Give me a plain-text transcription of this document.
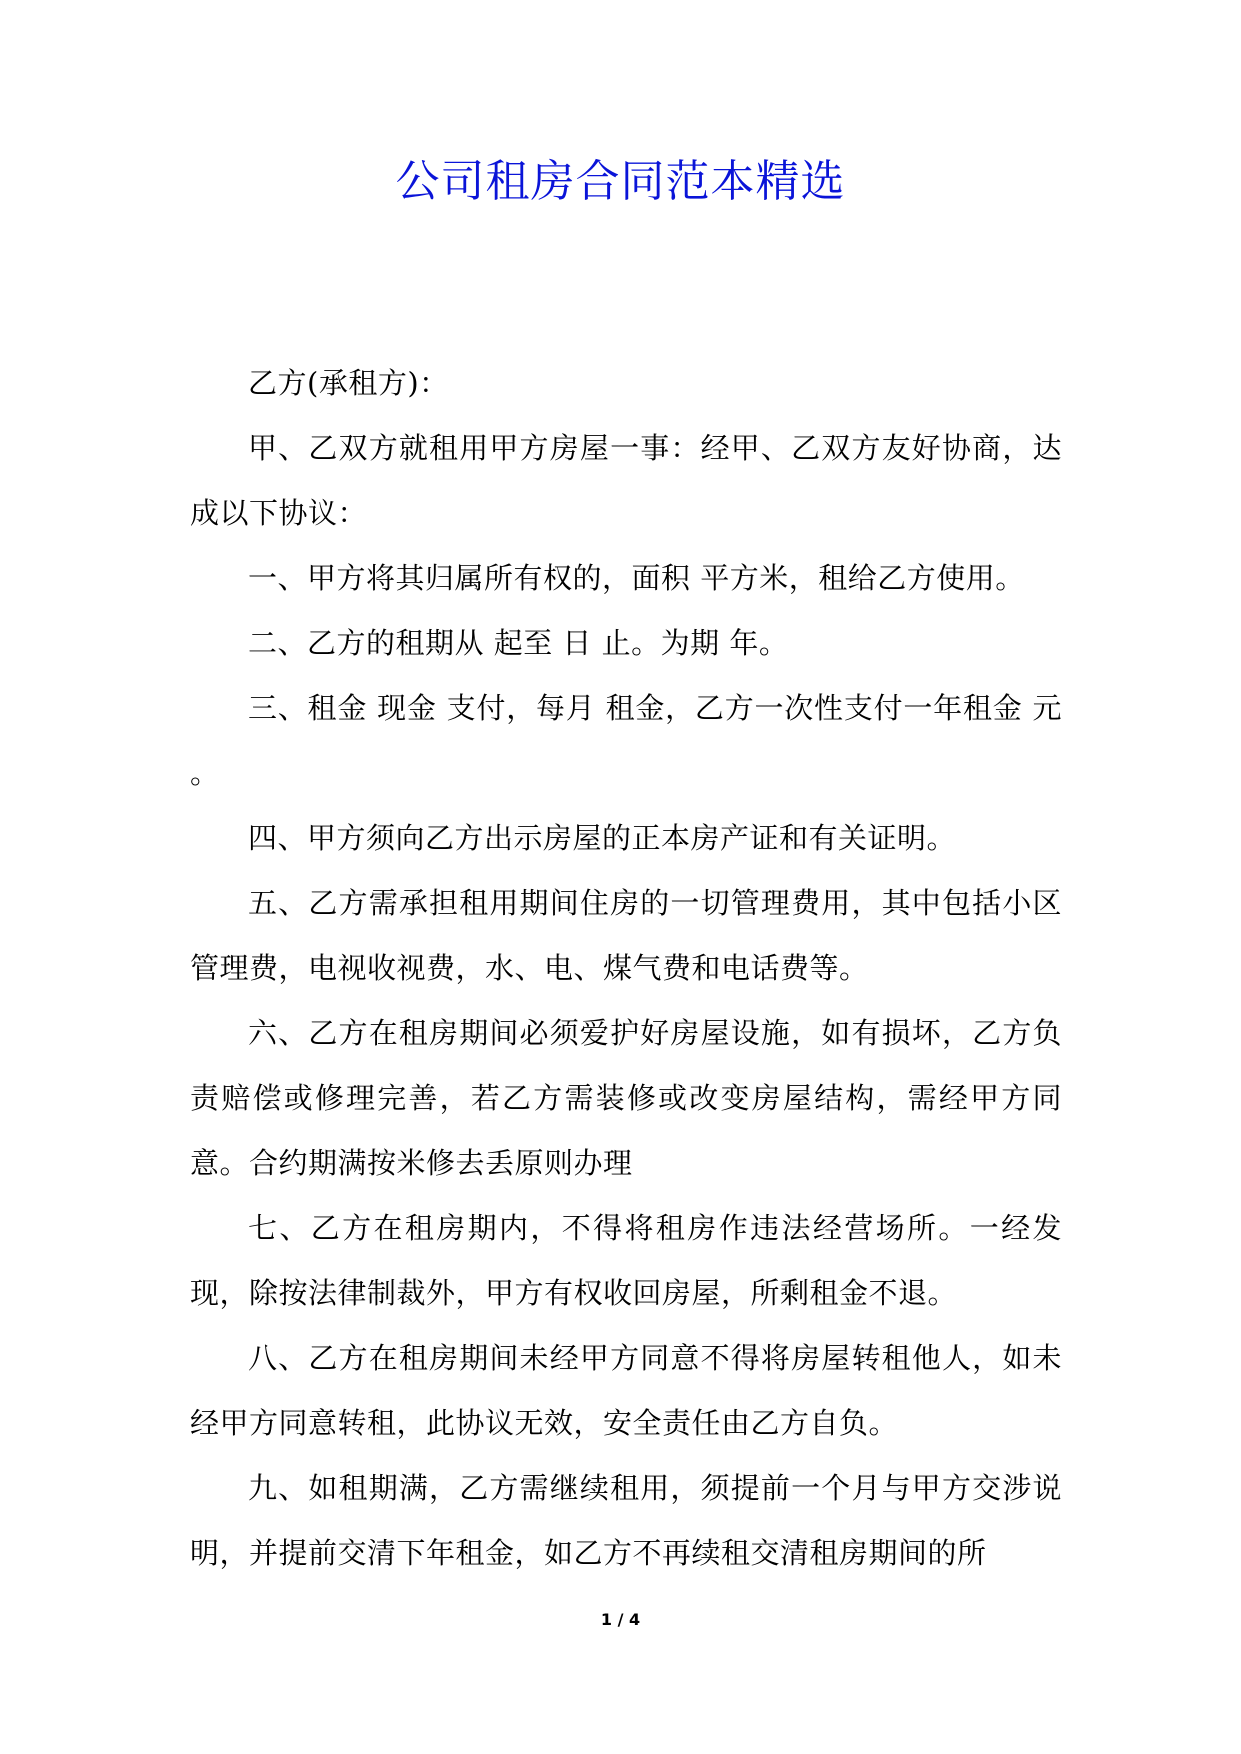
公司租房合同范本精选

乙方(承租方)：

甲、乙双方就租用甲方房屋一事：经甲、乙双方友好协商，达成以下协议：

一、甲方将其归属所有权的，面积 平方米，租给乙方使用。

二、乙方的租期从 起至 日 止。为期 年。

三、租金 现金 支付，每月 租金，乙方一次性支付一年租金 元 。

四、甲方须向乙方出示房屋的正本房产证和有关证明。

五、乙方需承担租用期间住房的一切管理费用，其中包括小区管理费，电视收视费，水、电、煤气费和电话费等。

六、乙方在租房期间必须爱护好房屋设施，如有损坏，乙方负责赔偿或修理完善，若乙方需装修或改变房屋结构，需经甲方同意。合约期满按米修去丢原则办理

七、乙方在租房期内，不得将租房作违法经营场所。一经发现，除按法律制裁外，甲方有权收回房屋，所剩租金不退。

八、乙方在租房期间未经甲方同意不得将房屋转租他人，如未经甲方同意转租，此协议无效，安全责任由乙方自负。

九、如租期满，乙方需继续租用，须提前一个月与甲方交涉说明，并提前交清下年租金，如乙方不再续租交清租房期间的所

1 / 4
